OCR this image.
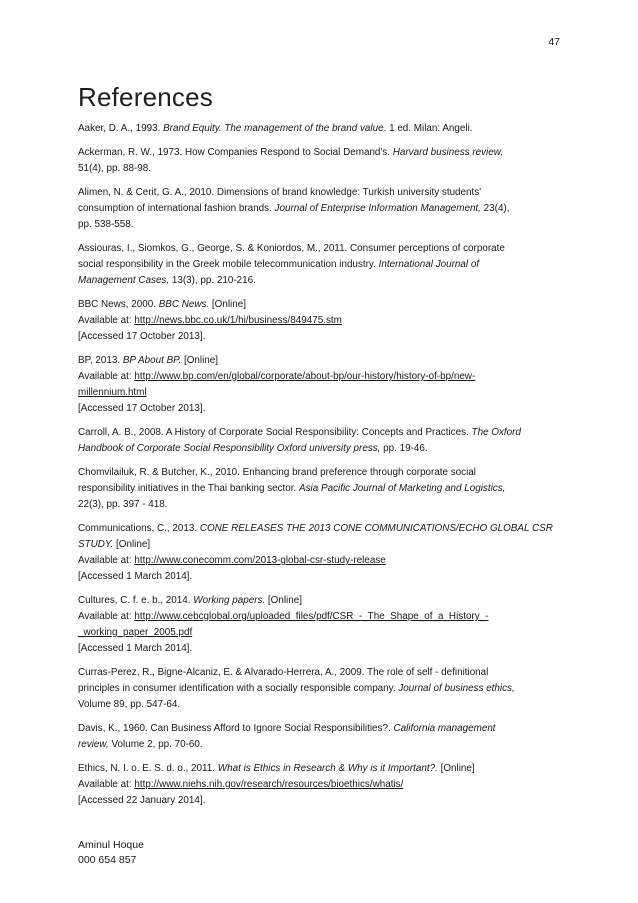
47
References

Aaker, D. A., 1993. Brand Equity. The management of the brand value. 1 ed. Milan: Angeli.

Ackerman, R. W., 1973. How Companies Respond to Social Demand's. Harvard business review,
51(4), pp. 88-98.

Alimen, N. & Cerit, G. A., 2010. Dimensions of brand knowledge: Turkish university students'
consumption of international fashion brands. Journal of Enterprise Information Management, 23(4),
pp. 538-558.

Assiouras, I., Siomkos, G., George, S. & Koniordos, M., 2011. Consumer perceptions of corporate
social responsibility in the Greek mobile telecommunication industry. International Journal of
Management Cases, 13(3), pp. 210-216.

BBC News, 2000. BBC News. [Online]
Available at: http://news.bbc.co.uk/1/hi/business/849475.stm
[Accessed 17 October 2013].

BP, 2013. BP About BP. [Online]
Available at: http://www.bp.com/en/global/corporate/about-bp/our-history/history-of-bp/new-
millennium.html
[Accessed 17 October 2013].

Carroll, A. B., 2008. A History of Corporate Social Responsibility: Concepts and Practices. The Oxford
Handbook of Corporate Social Responsibility Oxford university press, pp. 19-46.

Chomvilailuk, R. & Butcher, K., 2010. Enhancing brand preference through corporate social
responsibility initiatives in the Thai banking sector. Asia Pacific Journal of Marketing and Logistics,
22(3), pp. 397 - 418.

Communications, C., 2013. CONE RELEASES THE 2013 CONE COMMUNICATIONS/ECHO GLOBAL CSR
STUDY. [Online]
Available at: http://www.conecomm.com/2013-global-csr-study-release
[Accessed 1 March 2014].

Cultures, C. f. e. b., 2014. Working papers. [Online]
Available at: http://www.cebcglobal.org/uploaded_files/pdf/CSR_-_The_Shape_of_a_History_-
_working_paper_2005.pdf
[Accessed 1 March 2014].

Curras-Perez, R., Bigne-Alcaniz, E. & Alvarado-Herrera, A., 2009. The role of self - definitional
principles in consumer identification with a socially responsible company. Journal of business ethics,
Volume 89, pp. 547-64.

Davis, K., 1960. Can Business Afford to Ignore Social Responsibilities?. California management
review, Volume 2, pp. 70-60.

Ethics, N. I. o. E. S. d. o., 2011. What is Ethics in Research & Why is it Important?. [Online]
Available at: http://www.niehs.nih.gov/research/resources/bioethics/whatis/
[Accessed 22 January 2014].

Aminul Hoque
000 654 857
